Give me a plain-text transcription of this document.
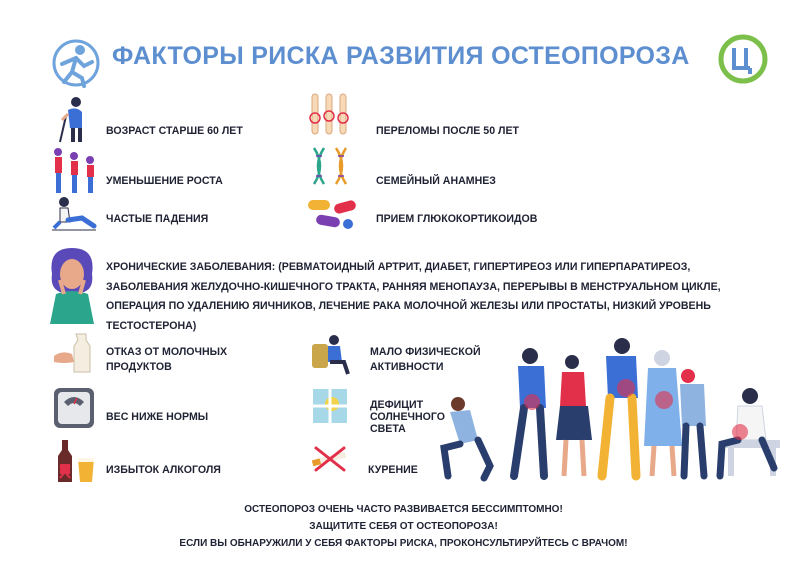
ФАКТОРЫ РИСКА РАЗВИТИЯ ОСТЕОПОРОЗА
ВОЗРАСТ СТАРШЕ 60 ЛЕТ
УМЕНЬШЕНИЕ РОСТА
ЧАСТЫЕ ПАДЕНИЯ
ПЕРЕЛОМЫ ПОСЛЕ 50 ЛЕТ
СЕМЕЙНЫЙ АНАМНЕЗ
ПРИЕМ ГЛЮКОКОРТИКОИДОВ
ХРОНИЧЕСКИЕ ЗАБОЛЕВАНИЯ: (РЕВМАТОИДНЫЙ АРТРИТ, ДИАБЕТ, ГИПЕРТИРЕОЗ ИЛИ ГИПЕРПАРАТИРЕОЗ, ЗАБОЛЕВАНИЯ ЖЕЛУДОЧНО-КИШЕЧНОГО ТРАКТА, РАННЯЯ МЕНОПАУЗА, ПЕРЕРЫВЫ В МЕНСТРУАЛЬНОМ ЦИКЛЕ, ОПЕРАЦИЯ ПО УДАЛЕНИЮ ЯИЧНИКОВ, ЛЕЧЕНИЕ РАКА МОЛОЧНОЙ ЖЕЛЕЗЫ ИЛИ ПРОСТАТЫ, НИЗКИЙ УРОВЕНЬ ТЕСТОСТЕРОНА)
ОТКАЗ ОТ МОЛОЧНЫХ
ПРОДУКТОВ
ВЕС НИЖЕ НОРМЫ
ИЗБЫТОК АЛКОГОЛЯ
МАЛО ФИЗИЧЕСКОЙ
АКТИВНОСТИ
ДЕФИЦИТ
СОЛНЕЧНОГО
СВЕТА
КУРЕНИЕ
ОСТЕОПОРОЗ ОЧЕНЬ ЧАСТО РАЗВИВАЕТСЯ БЕССИМПТОМНО!
ЗАЩИТИТЕ СЕБЯ ОТ ОСТЕОПОРОЗА!
ЕСЛИ ВЫ ОБНАРУЖИЛИ У СЕБЯ ФАКТОРЫ РИСКА, ПРОКОНСУЛЬТИРУЙТЕСЬ С ВРАЧОМ!
